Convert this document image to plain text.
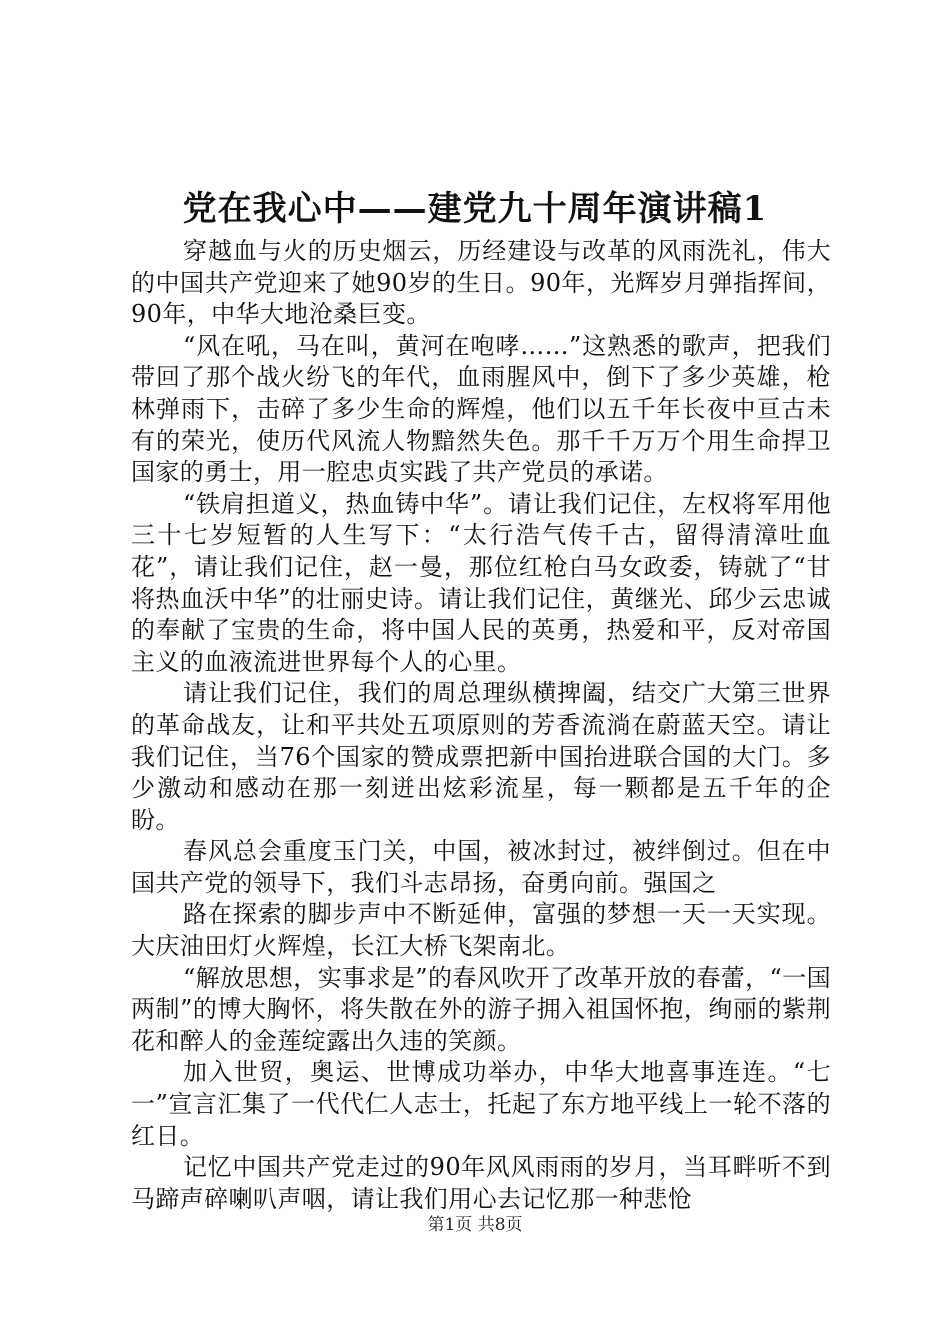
党在我心中——建党九十周年演讲稿1

穿越血与火的历史烟云，历经建设与改革的风雨洗礼，伟大的中国共产党迎来了她90岁的生日。90年，光辉岁月弹指挥间，90年，中华大地沧桑巨变。

“风在吼，马在叫，黄河在咆哮……”这熟悉的歌声，把我们带回了那个战火纷飞的年代，血雨腥风中，倒下了多少英雄，枪林弹雨下，击碎了多少生命的辉煌，他们以五千年长夜中亘古未有的荣光，使历代风流人物黯然失色。那千千万万个用生命捍卫国家的勇士，用一腔忠贞实践了共产党员的承诺。

“铁肩担道义，热血铸中华”。请让我们记住，左权将军用他三十七岁短暂的人生写下：“太行浩气传千古，留得清漳吐血花”，请让我们记住，赵一曼，那位红枪白马女政委，铸就了“甘将热血沃中华”的壮丽史诗。请让我们记住，黄继光、邱少云忠诚的奉献了宝贵的生命，将中国人民的英勇，热爱和平，反对帝国主义的血液流进世界每个人的心里。

请让我们记住，我们的周总理纵横捭阖，结交广大第三世界的革命战友，让和平共处五项原则的芳香流淌在蔚蓝天空。请让我们记住，当76个国家的赞成票把新中国抬进联合国的大门。多少激动和感动在那一刻迸出炫彩流星，每一颗都是五千年的企盼。

春风总会重度玉门关，中国，被冰封过，被绊倒过。但在中国共产党的领导下，我们斗志昂扬，奋勇向前。强国之

路在探索的脚步声中不断延伸，富强的梦想一天一天实现。大庆油田灯火辉煌，长江大桥飞架南北。

“解放思想，实事求是”的春风吹开了改革开放的春蕾，“一国两制”的博大胸怀，将失散在外的游子拥入祖国怀抱，绚丽的紫荆花和醉人的金莲绽露出久违的笑颜。

加入世贸，奥运、世博成功举办，中华大地喜事连连。“七一”宣言汇集了一代代仁人志士，托起了东方地平线上一轮不落的红日。

记忆中国共产党走过的90年风风雨雨的岁月，当耳畔听不到马蹄声碎喇叭声咽，请让我们用心去记忆那一种悲怆

第1页 共8页
